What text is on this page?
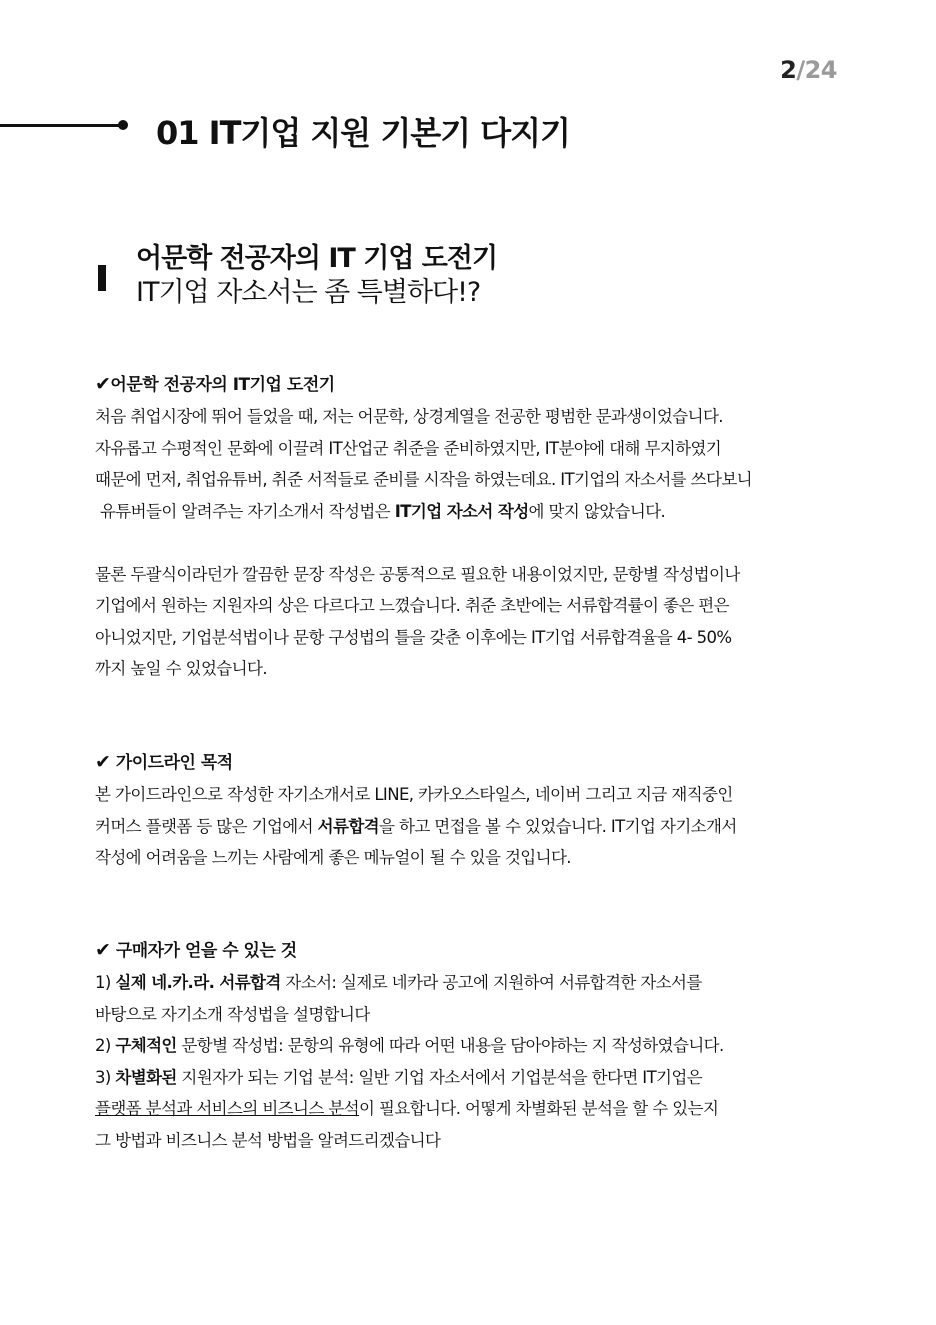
2/24
01 IT기업 지원 기본기 다지기
어문학 전공자의 IT 기업 도전기
IT기업 자소서는 좀 특별하다!?
✔어문학 전공자의 IT기업 도전기
처음 취업시장에 뛰어 들었을 때, 저는 어문학, 상경계열을 전공한 평범한 문과생이었습니다.
자유롭고 수평적인 문화에 이끌려 IT산업군 취준을 준비하였지만, IT분야에 대해 무지하였기
때문에 먼저, 취업유튜버, 취준 서적들로 준비를 시작을 하였는데요. IT기업의 자소서를 쓰다보니
유튜버들이 알려주는 자기소개서 작성법은 IT기업 자소서 작성에 맞지 않았습니다.
물론 두괄식이라던가 깔끔한 문장 작성은 공통적으로 필요한 내용이었지만, 문항별 작성법이나
기업에서 원하는 지원자의 상은 다르다고 느꼈습니다. 취준 초반에는 서류합격률이 좋은 편은
아니었지만, 기업분석법이나 문항 구성법의 틀을 갖춘 이후에는 IT기업 서류합격율을 4- 50%
까지 높일 수 있었습니다.
✔ 가이드라인 목적
본 가이드라인으로 작성한 자기소개서로 LINE, 카카오스타일스, 네이버 그리고 지금 재직중인
커머스 플랫폼 등 많은 기업에서 서류합격을 하고 면접을 볼 수 있었습니다. IT기업 자기소개서
작성에 어려움을 느끼는 사람에게 좋은 메뉴얼이 될 수 있을 것입니다.
✔ 구매자가 얻을 수 있는 것
1) 실제 네.카.라. 서류합격 자소서: 실제로 네카라 공고에 지원하여 서류합격한 자소서를
바탕으로 자기소개 작성법을 설명합니다
2) 구체적인 문항별 작성법: 문항의 유형에 따라 어떤 내용을 담아야하는 지 작성하였습니다.
3) 차별화된 지원자가 되는 기업 분석: 일반 기업 자소서에서 기업분석을 한다면 IT기업은
플랫폼 분석과 서비스의 비즈니스 분석이 필요합니다. 어떻게 차별화된 분석을 할 수 있는지
그 방법과 비즈니스 분석 방법을 알려드리겠습니다
